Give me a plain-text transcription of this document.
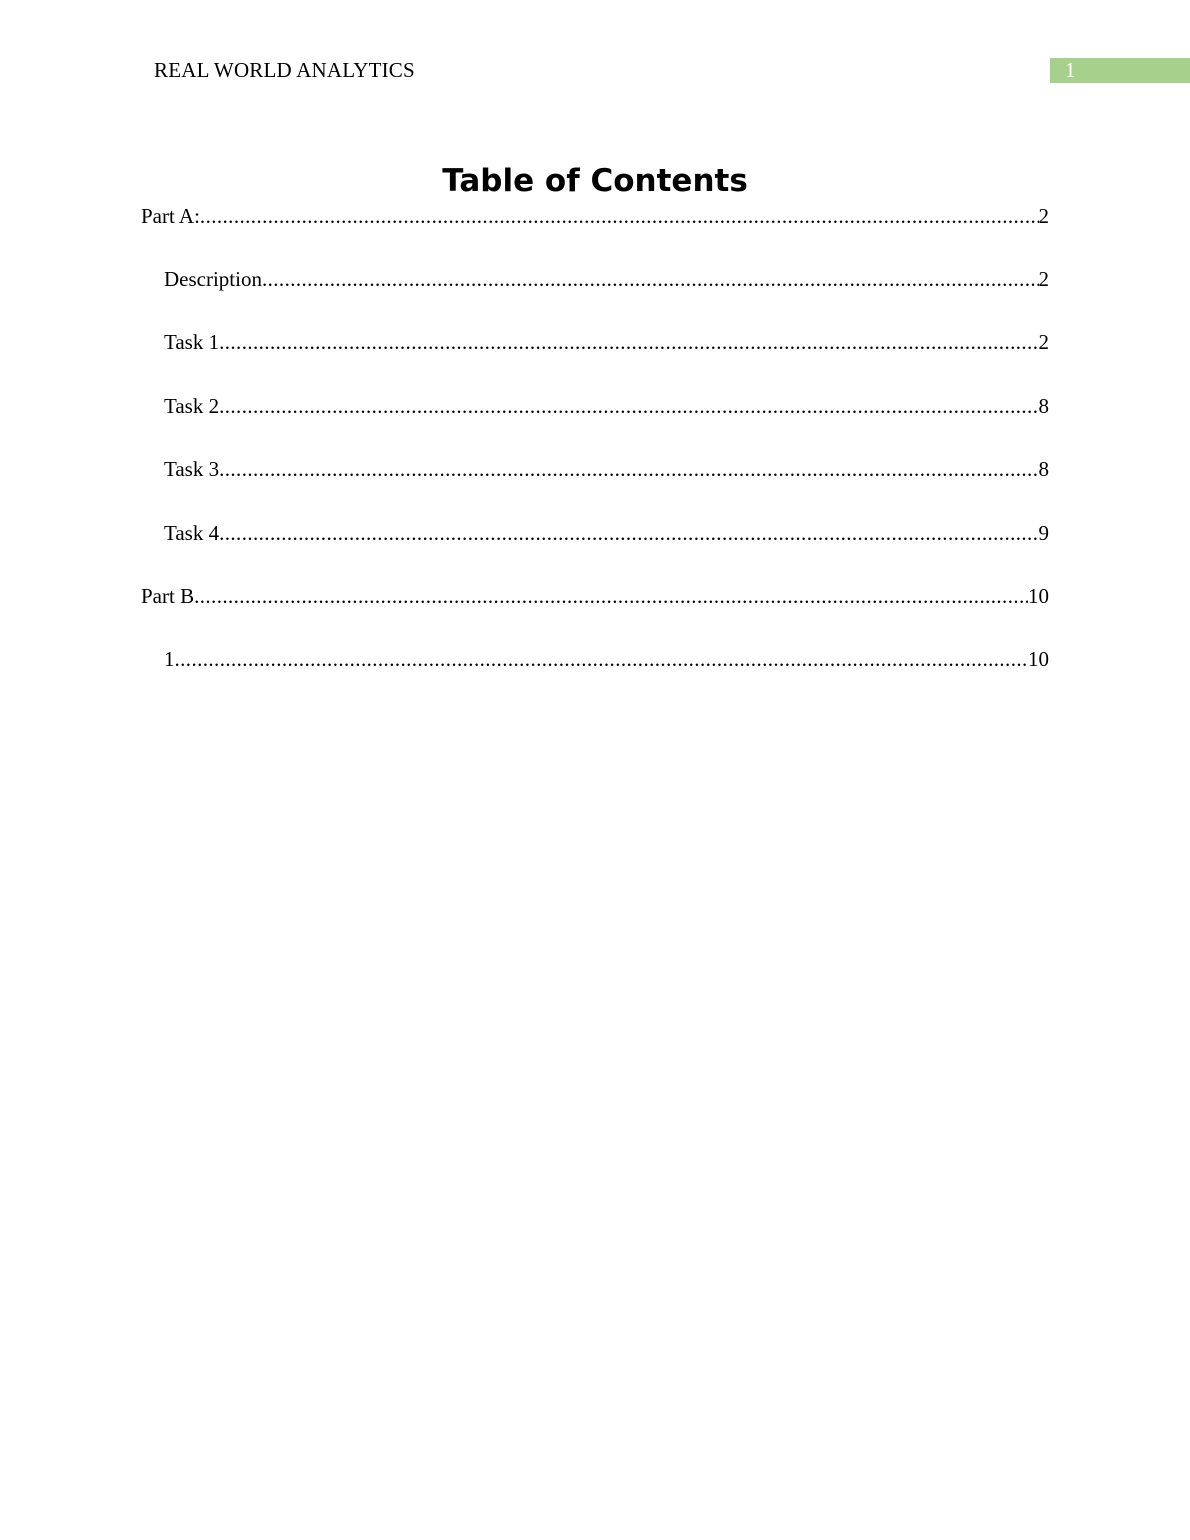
REAL WORLD ANALYTICS	1
Table of Contents
Part A: .....	2
Description .....	2
Task 1 .....	2
Task 2 .....	8
Task 3 .....	8
Task 4 .....	9
Part B .....	10
1 .....	10
